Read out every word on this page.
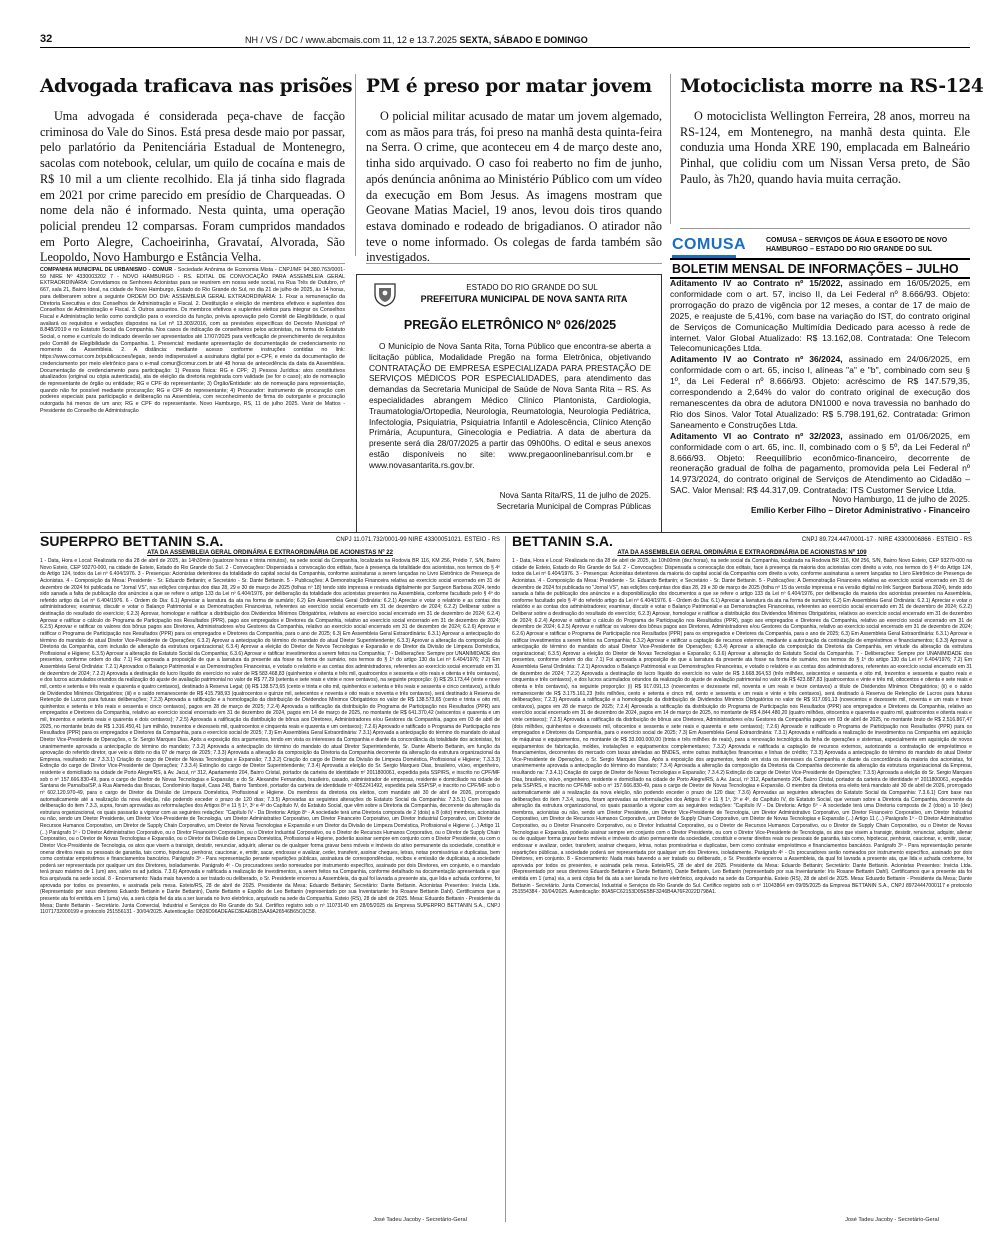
32	NH / VS / DC / www.abcmais.com 11, 12 e 13.7.2025 SEXTA, SÁBADO E DOMINGO
Advogada traficava nas prisões

Uma advogada é considerada peça-chave de facção criminosa do Vale do Sinos. Está presa desde maio por passar, pelo parlatório da Penitenciária Estadual de Montenegro, sacolas com notebook, celular, um quilo de cocaína e mais de R$ 10 mil a um cliente recolhido. Ela já tinha sido flagrada em 2021 por crime parecido em presídio de Charqueadas. O nome dela não é informado. Nesta quinta, uma operação policial prendeu 12 comparsas. Foram cumpridos mandados em Porto Alegre, Cachoeirinha, Gravataí, Alvorada, São Leopoldo, Novo Hamburgo e Estância Velha.

PM é preso por matar jovem

O policial militar acusado de matar um jovem algemado, com as mãos para trás, foi preso na manhã desta quinta-feira na Serra. O crime, que aconteceu em 4 de março deste ano, tinha sido arquivado. O caso foi reaberto no fim de junho, após denúncia anônima ao Ministério Público com um vídeo da execução em Bom Jesus. As imagens mostram que Geovane Matias Maciel, 19 anos, levou dois tiros quando estava dominado e rodeado de brigadianos. O atirador não teve o nome informado. Os colegas de farda também são investigados.

Motociclista morre na RS-124

O motociclista Wellington Ferreira, 28 anos, morreu na RS-124, em Montenegro, na manhã desta quinta. Ele conduzia uma Honda XRE 190, emplacada em Balneário Pinhal, que colidiu com um Nissan Versa preto, de São Paulo, às 7h20, quando havia muita cerração.

COMPANHIA MUNICIPAL DE URBANISMO - COMUR - Sociedade Anônima de Economia Mista - CNPJ/MF 94.380.763/0001-59 NIRE Nº 4330003202 7 - NOVO HAMBURGO - RS. EDITAL DE CONVOCAÇÃO PARA ASSEMBLEIA GERAL EXTRAORDINÁRIA: Convidamos os Senhores Acionistas para se reunirem em nossa sede social, na Rua Três de Outubro, nº 667, sala 21, Bairro Ideal, na cidade de Novo Hamburgo, Estado do Rio Grande do Sul, no dia 21 de julho de 2025, às 14 horas, para deliberarem sobre a seguinte ORDEM DO DIA: ASSEMBLEIA GERAL EXTRAORDINÁRIA: 1. Fixar a remuneração da Diretoria Executiva e dos Conselhos de Administração e Fiscal. 2. Destituição e eleição de membros efetivos e suplentes dos Conselhos de Administração e Fiscal. 3. Outros assuntos. Os membros efetivos e suplentes eleitos para integrar os Conselhos Fiscal e Administração terão como condição para o exercício da função, prévia aprovação pelo Comitê de Elegibilidade, o qual avaliará os requisitos e vedações dispostos na Lei nº 13.303/2016, com as previsões específicas do Decreto Municipal nº 8.848/2019 e no Estatuto Social da Companhia. Nos casos de indicação de conselheiros pelos acionistas, na forma do Estatuto Social, o nome e currículo do indicado deverão ser apresentados até 17/07/2025 para verificação de preenchimento de requisitos pelo Comitê de Elegibilidade da Companhia. 1. Presencial: mediante apresentação de documentação de credenciamento no momento da Assembleia. 2. A distância: mediante acesso conforme instruções contidas no link: https://www.comur.com.br/publicacoes/legais, sendo indispensável a assinatura digital por e-CPF, e envio da documentação de credenciamento por meio eletrônico para o e-mail comur@comur.com.br até 48 horas de antecedência da data da Assembleia. Documentação de credenciamento para participação: 1) Pessoa física: RG e CPF; 2) Pessoa Jurídica: atos constitutivos atualizados (original ou cópia autenticada), ata de eleição da diretoria registrada com validade (se for o caso); ato de nomeação de representante de órgão ou entidade; RG e CPF do representante; 3) Órgão/Entidade: ato de nomeação para representação, quando não for possível mediante procuração; RG e CPF do representante; 4) Procurador: instrumento de procuração com poderes especiais para participação e deliberação na Assembleia, com reconhecimento de firma do outorgante e procuração outorgada há menos de um ano; RG e CPF do representante. Novo Hamburgo, RS, 11 de julho 2025. Vanir de Mattos - Presidente do Conselho de Administração
ESTADO DO RIO GRANDE DO SUL
PREFEITURA MUNICIPAL DE NOVA SANTA RITA
PREGÃO ELETRÔNICO Nº 026/2025
O Município de Nova Santa Rita, Torna Público que encontra-se aberta a licitação pública, Modalidade Pregão na forma Eletrônica, objetivando CONTRATAÇÃO DE EMPRESA ESPECIALIZADA PARA PRESTAÇÃO DE SERVIÇOS MÉDICOS POR ESPECIALIDADES, para atendimento das demandas da Secretaria Municipal de Saúde de Nova Santa Rita – RS. As especialidades abrangem Médico Clínico Plantonista, Cardiologia, Traumatologia/Ortopedia, Neurologia, Reumatologia, Neurologia Pediátrica, Infectologia, Psiquiatria, Psiquiatria Infantil e Adolescência, Clínico Atenção Primária, Acupuntura, Ginecologia e Pediatria. A data de abertura da presente será dia 28/07/2025 a partir das 09h00hs. O edital e seus anexos estão disponíveis no site: www.pregaoonlinebanrisul.com.br e www.novasantarita.rs.gov.br.
Nova Santa Rita/RS, 11 de julho de 2025.
Secretaria Municipal de Compras Públicas
COMUSA	COMUSA – SERVIÇOS DE ÁGUA E ESGOTO DE NOVO HAMBURGO – ESTADO DO RIO GRANDE DO SUL
BOLETIM MENSAL DE INFORMAÇÕES – JULHO
Aditamento IV ao Contrato nº 15/2022, assinado em 16/05/2025, em conformidade com o art. 57, inciso II, da Lei Federal nº 8.666/93. Objeto: prorrogação do prazo de vigência por 12 meses, a contar de 17 de maio de 2025, e reajuste de 5,41%, com base na variação do IST, do contrato original de Serviços de Comunicação Multimídia Dedicado para acesso à rede de internet. Valor Global Atualizado: R$ 13.162,08. Contratada: One Telecom Telecomunicações Ltda.
Aditamento IV ao Contrato nº 36/2024, assinado em 24/06/2025, em conformidade com o art. 65, inciso I, alíneas "a" e "b", combinado com seu § 1º, da Lei Federal nº 8.666/93. Objeto: acréscimo de R$ 147.579,35, correspondendo a 2,64% do valor do contrato original de execução dos remanescentes da obra de adutora DN1000 e nova travessia no banhado do Rio dos Sinos. Valor Total Atualizado: R$ 5.798.191,62. Contratada: Grimon Saneamento e Construções Ltda.
Aditamento VI ao Contrato nº 32/2023, assinado em 01/06/2025, em conformidade com o art. 65, inc. II, combinado com o § 5º, da Lei Federal nº 8.666/93. Objeto: Reequilíbrio econômico-financeiro, decorrente de reoneração gradual de folha de pagamento, promovida pela Lei Federal nº 14.973/2024, do contrato original de Serviços de Atendimento ao Cidadão – SAC. Valor Mensal: R$ 44.317,09. Contratada: ITS Customer Service Ltda.
Novo Hamburgo, 11 de julho de 2025.
Emílio Kerber Filho – Diretor Administrativo - Financeiro
SUPERPRO BETTANIN S.A.	CNPJ 11.071.732/0001-99 NIRE 43300051021. ESTEIO - RS
ATA DA ASSEMBLEIA GERAL ORDINÁRIA E EXTRAORDINÁRIA DE ACIONISTAS Nº 22
1 - Data, Hora e Local: Realizada no dia 28 de abril de 2025, às 14h30min (quatorze horas e trinta minutos), na sede social da Companhia, localizada na Rodovia BR 116, KM 256, Prédio 7, S/N, Bairro Novo Esteio, CEP 93270-000, na cidade de Esteio, Estado do Rio Grande do Sul. 2 - Convocações: Dispensada a convocação dos editais, face à presença da totalidade dos acionistas, nos termos do § 4º do Artigo 124, todos da Lei nº 6.404/1976. 3 - Presenças: Acionistas detentores da totalidade do capital social da Companhia, conforme assinaturas a serem lançadas no Livro Eletrônico de Presença de Acionistas. 4 - Composição da Mesa: Presidente - Sr. Eduardo Bettanin; e Secretário - Sr. Dante Bettanin. 5 - Publicações: A Demonstração Financeira relativa ao exercício social encerrado em 31 de dezembro de 2024 foi publicada no "Jornal VS", nas edições conjuntas dos dias 28, 29 e 30 de março de 2025 (folhas nº 18) tendo sido impressa e revisada digitalmente por Surgeon Barbosa 2024, tendo sido sanada a falta de publicação dos anúncios a que se refere o artigo 133 da Lei nº 6.404/1976, por deliberação da totalidade dos acionistas presentes na Assembleia, conforme facultado pelo § 4º do referido artigo da Lei nº 6.404/1976. 6 - Ordem do Dia: 6.1) Apreciar a lavratura da ata na forma de sumário; 6.2) Em Assembleia Geral Ordinária: 6.2.1) Apreciar e votar o relatório e as contas dos administradores; examinar, discutir e votar o Balanço Patrimonial e as Demonstrações Financeiras, referentes ao exercício social encerrado em 31 de dezembro de 2024; 6.2.2) Deliberar sobre a destinação do resultado do exercício; 6.2.3) Aprovar, homologar e ratificar a distribuição dos Dividendos Mínimos Obrigatórios, relativos ao exercício social encerrado em 31 de dezembro de 2024; 6.2.4) Aprovar e ratificar o cálculo do Programa de Participação nos Resultados (PPR), pago aos empregados e Diretores da Companhia, relativo ao exercício social encerrado em 31 de dezembro de 2024; 6.2.5) Aprovar e ratificar os valores dos bônus pagos aos Diretores, Administradores e/ou Gestores da Companhia, relativo ao exercício social encerrado em 31 de dezembro de 2024; 6.2.6) Aprovar e ratificar o Programa de Participação nos Resultados (PPR) para os empregados e Diretores da Companhia, para o ano de 2025; 6.3) Em Assembleia Geral Extraordinária: 6.3.1) Aprovar a antecipação do término do mandato do atual Diretor Vice-Presidente de Operações; 6.3.2) Aprovar a antecipação do término do mandato do atual Diretor Superintendente; 6.3.3) Aprovar a alteração da composição da Diretoria da Companhia, com inclusão de alteração da estrutura organizacional; 6.3.4) Aprovar a eleição do Diretor de Novos Tecnologias e Expansão e do Diretor da Divisão de Limpeza Doméstica, Profissional e Higiene; 6.3.5) Aprovar a alteração do Estatuto Social da Companhia; 6.3.6) Aprovar e ratificar investimentos a serem feitos na Companhia; 7 - Deliberações: Sempre por UNANIMIDADE dos presentes, conforme ordem do dia: 7.1) Foi aprovada a proposição de que a lavratura da presente ata fosse na forma de sumário, nos termos do § 1º do artigo 130 da Lei nº 6.404/1976; 7.2) Em Assembleia Geral Ordinária: 7.2.1) Aprovados o Balanço Patrimonial e as Demonstrações Financeiras, e votado o relatório e as contas dos administradores, referentes ao exercício social encerrado em 31 de dezembro de 2024; 7.2.2) Aprovada a destinação do lucro líquido do exercício no valor de R$ 583.468,83 (quinhentos e oitenta e três mil, quatrocentos e sessenta e oito reais e oitenta e três centavos), e dos lucros acumulados oriundos da realização do ajuste de avaliação patrimonial no valor de R$ 77,29 (setenta e sete reais e vinte e nove centavos), na seguinte proporção: (i) R$ 29.173,44 (vinte e nove mil, cento e setenta e três reais e quarenta e quatro centavos), destinado à Reserva Legal; (ii) R$ 138.573,65 (cento e trinta e oito mil, quinhentos e setenta e três reais e sessenta e cinco centavos), a título de Dividendos Mínimos Obrigatórios; (iii) e o saldo remanescente de R$ 415.798,93 (quatrocentos e quinze mil, setecentos e noventa e oito reais e noventa e três centavos), será destinado à Reserva de Retenção de Lucros para futuras deliberações; 7.2.3) Aprovada a ratificação e a homologação da distribuição de Dividendos Mínimos Obrigatórios no valor de R$ 138.573,65 (cento e trinta e oito mil, quinhentos e setenta e três reais e sessenta e cinco centavos), pagos em 28 de março de 2025; 7.2.4) Aprovada a ratificação da distribuição do Programa de Participação nos Resultados (PPR) aos empregados e Diretores da Companhia, relativo ao exercício social encerrado em 31 de dezembro de 2024, pagos em 14 de março de 2025, no montante de R$ 641.370,42 (seiscentos e quarenta e um mil, trezentos e setenta reais e quarenta e dois centavos); 7.2.5) Aprovada a ratificação da distribuição de bônus aos Diretores, Administradores e/ou Gestores da Companhia, pagos em 03 de abril de 2025, no montante bruto de R$ 1.316.450,41 (um milhão, trezentos e dezesseis mil, quatrocentos e cinquenta reais e quarenta e um centavos); 7.2.6) Aprovado e ratificado o Programa de Participação nos Resultados (PPR) para os empregados e Diretores da Companhia, para o exercício social de 2025; 7.3) Em Assembleia Geral Extraordinária: 7.3.1) Aprovada a antecipação do término do mandato do atual Diretor Vice-Presidente de Operações, o Sr. Sergio Marques Dias. Após a exposição dos argumentos, tendo em vista os interesses da Companhia e diante da concordância da totalidade dos acionistas, foi unanimemente aprovada a antecipação do término do mandato; 7.3.2) Aprovada a antecipação do término do mandato do atual Diretor Superintendente, Sr. Dante Alberto Bettanin, em função da aprovação do referido diretor, que veio a óbito no dia 07 de março de 2025; 7.3.3) Aprovada a alteração da composição da Diretoria da Companhia decorrente da alteração da estrutura organizacional da Empresa, resultando na: 7.3.3.1) Criação do cargo de Diretor de Novas Tecnologias e Expansão; 7.3.3.2) Criação do cargo de Diretor da Divisão de Limpeza Doméstica, Profissional e Higiene; 7.3.3.3) Extinção do cargo de Diretor Vice-Presidente de Operações; 7.3.3.4) Extinção do cargo de Diretor Superintendente; 7.3.4) Aprovada a eleição do Sr. Sergio Marques Dias, brasileiro, viúvo, engenheiro, residente e domiciliado na cidade de Porto Alegre/RS, à Av. Jacuí, nº 312, Apartamento 204, Bairro Cristal, portador da carteira de identidade nº 2011800061, expedida pela SSP/RS, e inscrito no CPF/MF sob o nº 157.666.830-49, para o cargo de Diretor de Novas Tecnologias e Expansão; e do Sr. Alexandre Fernandes, brasileiro, casado, administrador de empresas, residente e domiciliado na cidade de Santana de Parnaíba/SP, à Rua Alameda das Bracas, Condomínio Itaquê, Casa 248, Bairro Tamboré, portador da carteira de identidade nº 4052241492, expedida pela SSP/SP, e inscrito no CPF/MF sob o nº 602.120.970-49, para o cargo de Diretor da Divisão de Limpeza Doméstica, Profissional e Higiene. Os membros da diretoria ora eleitos, com mandato até 30 de abril de 2026, prorrogado automaticamente até a realização da nova eleição, não podendo exceder o prazo de 120 dias; 7.3.5) Aprovadas as seguintes alterações do Estatuto Social da Companhia: 7.3.5.1) Com base na deliberação do item 7.3.3, supra, foram aprovadas as reformulações dos Artigos 8º e 11 § 1º, 3º e 4º do Capítulo IV, do Estatuto Social, que vêm sobre a Diretoria da Companhia, decorrente da alteração da estrutura organizacional, os quais passarão a vigorar com as seguintes redações: "Capítulo IV - Da Diretoria: Artigo 8º - A sociedade terá uma Diretoria composta de 2 (dois) a 8 (oito) membros, acionistas ou não, sendo um Diretor Presidente, um Diretor Vice-Presidente de Tecnologia, um Diretor Administrativo Corporativo, um Diretor Financeiro Corporativo, um Diretor Industrial Corporativo, um Diretor de Recursos Humanos Corporativo, um Diretor de Supply Chain Corporativo, um Diretor de Novas Tecnologias e Expansão e um Diretor da Divisão de Limpeza Doméstica, Profissional e Higiene (...) Artigo 11 (...) Parágrafo 1º - O Diretor Administrativo Corporativo, ou o Diretor Financeiro Corporativo, ou o Diretor Industrial Corporativo, ou o Diretor de Recursos Humanos Corporativo, ou o Diretor de Supply Chain Corporativo, ou o Diretor de Novas Tecnologias e Expansão, ou o Diretor da Divisão de Limpeza Doméstica, Profissional e Higiene, poderão assinar sempre em conjunto com o Diretor Presidente, ou com o Diretor Vice-Presidente de Tecnologia, os atos que visem a transigir, desistir, renunciar, adquirir, alienar ou de qualquer forma gravar bens móveis e imóveis do ativo permanente da sociedade, constituir e onerar direitos reais ou pessoais de garantia, tais como, hipotecar, penhorar, caucionar, e, emitir, sacar, endossar e avalizar, ceder, transferir, assinar cheques, letras, notas promissórias e duplicatas, bem como contratar empréstimos e financiamentos bancários. Parágrafo 3º - Para representação perante repartições públicas, assinatura de correspondências, recibos e emissão de duplicatas, a sociedade poderá ser representada por qualquer um dos Diretores, isoladamente. Parágrafo 4º - Os procuradores serão nomeados por instrumento específico, assinado por dois Diretores, em conjunto, e o mandato terá prazo máximo de 1 (um) ano, salvo os ad judicia. 7.3.6) Aprovada e ratificada a realização de investimentos, a serem feitos na Companhia, conforme detalhado na documentação apresentada e que fica arquivada na sede social. 8 - Encerramento: Nada mais havendo a ser tratado ou deliberado, o Sr. Presidente encerrou a Assembleia, da qual foi lavrada a presente ata, que lida e achada conforme, foi aprovada por todos os presentes, e assinada pela mesa. Esteio/RS, 28 de abril de 2025. Presidente da Mesa: Eduardo Bettanin; Secretário: Dante Bettanin. Acionistas Presentes: Invicta Ltda. (Representado por seus diretores Eduardo Bettanin e Dante Bettanin), Dante Bettanin e Espólio de Leo Bettanin (representado por sua Inventariante: Iris Rosane Bettanin Dahl). Certificamos que a presente ata foi emitida em 1 (uma) via, a será cópia fiel da ata a ser lavrada no livro eletrônico, arquivado na sede da Companhia. Esteio (RS), 28 de abril de 2025. Mesa: Eduardo Bettanin - Presidente da Mesa; Dante Bettanin - Secretário. Junta Comercial, Industrial e Serviços do Rio Grande do Sul. Certifico registro sob o nº 11073140 em 28/05/2025 da Empresa SUPERPRO BETTANIN S.A., CNPJ 11071732000199 e protocolo 251556131 - 30/04/2025. Autenticação: D826D96ADEAEC8EAE6B15AA9A26546B65C0C58.
José Tadeu Jacoby - Secretário-Geral
BETTANIN S.A.	CNPJ 89.724.447/0001-17 · NIRE 43300006866 · ESTEIO - RS
ATA DA ASSEMBLEIA GERAL ORDINÁRIA E EXTRAORDINÁRIA DE ACIONISTAS Nº 109
1 - Data, Hora e Local: Realizada no dia 28 de abril de 2025, às 10h00min (dez horas), na sede social da Companhia, localizada na Rodovia BR 116, KM 256, S/N, Bairro Novo Esteio, CEP 93270-000 na cidade de Esteio, Estado do Rio Grande do Sul. 2 - Convocações: Dispensada a convocação dos editais, face à presença da maioria dos acionistas com direito a voto, nos termos do § 4º do Artigo 124, todos da Lei nº 6.404/1976. 3 - Presenças: Acionistas detentores da maioria do capital social da Companhia com direito a voto, conforme assinaturas a serem lançadas no Livro Eletrônico de Presença de Acionistas. 4 - Composição da Mesa: Presidente - Sr. Eduardo Bettanin; e Secretário - Sr. Dante Bettanin. 5 - Publicações: A Demonstração Financeira relativa ao exercício social encerrado em 31 de dezembro de 2024 foi publicada no "Jornal VS", nas edições conjuntas dos dias 28, 29 e 30 de março de 2025 (folha nº 15 da versão impressa e na versão digital no link Surgeon Barbosa 2024), tendo sido sanada a falta de publicação dos anúncios e a disponibilização dos documentos a que se refere o artigo 133 da Lei nº 6.404/1976, por deliberação da maioria dos acionistas presentes na Assembleia, conforme facultado pelo § 4º do referido artigo da Lei nº 6.404/1976. 6 - Ordem do Dia: 6.1) Apreciar a lavratura da ata na forma de sumário; 6.2) Em Assembleia Geral Ordinária: 6.2.1) Apreciar e votar o relatório e as contas dos administradores; examinar, discutir e votar o Balanço Patrimonial e as Demonstrações Financeiras, referentes ao exercício social encerrado em 31 de dezembro de 2024; 6.2.2) Deliberar sobre a destinação do resultado do exercício; 6.2.3) Aprovar, homologar e ratificar a distribuição dos Dividendos Mínimos Obrigatórios, relativos ao exercício social encerrado em 31 de dezembro de 2024; 6.2.4) Aprovar e ratificar o cálculo do Programa de Participação nos Resultados (PPR), pago aos empregados e Diretores da Companhia, relativo ao exercício social encerrado em 31 de dezembro de 2024; 6.2.5) Aprovar e ratificar os valores dos bônus pagos aos Diretores, Administradores e/ou Gestores da Companhia, relativo ao exercício social encerrado em 31 de dezembro de 2024; 6.2.6) Aprovar e ratificar o Programa de Participação nos Resultados (PPR) para os empregados e Diretores da Companhia, para o ano de 2025; 6.3) Em Assembleia Geral Extraordinária: 6.3.1) Aprovar e ratificar investimentos a serem feitos na Companhia; 6.3.2) Aprovar e ratificar a captação de recursos externos, mediante a autorização da contratação de empréstimos e financiamentos; 6.3.3) Aprovar a antecipação do término do mandato do atual Diretor Vice-Presidente de Operações; 6.3.4) Aprovar a alteração da composição da Diretoria da Companhia, em virtude da alteração da estrutura organizacional; 6.3.5) Aprovar a eleição do Diretor de Novas Tecnologias e Expansão; 6.3.6) Aprovar a alteração do Estatuto Social da Companhia. 7 - Deliberações: Sempre por UNANIMIDADE dos presentes, conforme ordem do dia: 7.1) Foi aprovada a proposição de que a lavratura da presente ata fosse na forma de sumário, nos termos do § 1º do artigo 130 da Lei nº 6.404/1976; 7.2) Em Assembleia Geral Ordinária: 7.2.1) Aprovados o Balanço Patrimonial e as Demonstrações Financeiras, e votado o relatório e as contas dos administradores, referentes ao exercício social encerrado em 31 de dezembro de 2024; 7.2.2) Aprovada a destinação do lucro líquido do exercício no valor de R$ 3.668.364,53 (três milhões, seiscentos e sessenta e oito mil, trezentos e sessenta e quatro reais e cinquenta e três centavos), e dos lucros acumulados oriundos da realização do ajuste de avaliação patrimonial no valor de R$ 423.887,83 (quatrocentos e vinte e três mil, oitocentos e oitenta e sete reais e oitenta e três centavos), na seguinte proporção: (i) R$ 917.091,13 (novecentos e dezessete mil, noventa e um reais e treze centavos) a título de Dividendos Mínimos Obrigatórios; (ii) e o saldo remanescente de R$ 3.175.161,23 (três milhões, cento e setenta e cinco mil, cento e sessenta e um reais e vinte e três centavos), será destinado à Reserva de Retenção de Lucros para futuras deliberações; 7.2.3) Aprovada a ratificação e a homologação da distribuição de Dividendos Mínimos Obrigatórios no valor de R$ 917.091,13 (novecentos e dezessete mil, noventa e um reais e treze centavos), pagos em 28 de março de 2025; 7.2.4) Aprovada a ratificação da distribuição do Programa de Participação nos Resultados (PPR) aos empregados e Diretores da Companhia, relativo ao exercício social encerrado em 31 de dezembro de 2024, pagos em 14 de março de 2025, no montante de R$ 4.844.480,20 (quatro milhões, oitocentos e quarenta e quatro mil, quatrocentos e oitenta reais e vinte centavos); 7.2.5) Aprovada a ratificação da distribuição de bônus aos Diretores, Administradores e/ou Gestores da Companhia pagos em 03 de abril de 2025, no montante bruto de R$ 2.516.867,47 (dois milhões, quinhentos e dezesseis mil, oitocentos e sessenta e sete reais e quarenta e sete centavos); 7.2.6) Aprovado e ratificado o Programa de Participação nos Resultados (PPR) para os empregados e Diretores da Companhia, para o exercício social de 2025; 7.3) Em Assembleia Geral Extraordinária: 7.3.1) Aprovada e ratificada a realização de investimentos na Companhia em aquisição de máquinas e equipamentos, no montante de R$ 33.000.000,00 (trinta e três milhões de reais), para a renovação tecnológica da linha de operações e sistemas, especialmente em aquisição de novos equipamentos de fabricação, moldes, instalações e equipamentos complementares; 7.3.2) Aprovada e ratificada a captação de recursos externos, autorizando a contratação de empréstimos e financiamentos, decorrentes do mercado com taxas atreladas ao BNDES, entre outras instituições financeiras e linhas de crédito; 7.3.3) Aprovada a antecipação do término do mandato do atual Diretor Vice-Presidente de Operações, o Sr. Sergio Marques Dias. Após a exposição dos argumentos, tendo em vista os interesses da Companhia e diante da concordância da maioria dos acionistas, foi unanimemente aprovada a antecipação do término do mandato; 7.3.4) Aprovada a alteração da composição da Diretoria da Companhia decorrente da alteração da estrutura organizacional da Empresa, resultando na: 7.3.4.1) Criação do cargo de Diretor de Novas Tecnologias e Expansão; 7.3.4.2) Extinção do cargo de Diretor Vice-Presidente de Operações; 7.3.5) Aprovada a eleição do Sr. Sergio Marques Dias, brasileiro, viúvo, engenheiro, residente e domiciliado na cidade de Porto Alegre/RS, à Av. Jacuí, nº 312, Apartamento 204, Bairro Cristal, portador da carteira de identidade nº 2011800061, expedida pela SSP/RS, e inscrito no CPF/MF sob o nº 157.666.830-49, para o cargo de Diretor de Novas Tecnologias e Expansão. O membro da diretoria ora eleito terá mandato até 30 de abril de 2026, prorrogado automaticamente até a realização da nova eleição, não podendo exceder o prazo de 120 dias; 7.3.6) Aprovadas as seguintes alterações do Estatuto Social da Companhia: 7.3.6.1) Com base nas deliberações do item 7.3.4, supra, foram aprovadas as reformulações dos Artigos 6º e 11 § 1º, 3º e 4º, do Capítulo IV, do Estatuto Social, que versam sobre a Diretoria da Companhia, decorrente da alteração da estrutura organizacional, os quais passarão a vigorar com as seguintes redações: "Capítulo IV - Da Diretoria: Artigo 6º - A sociedade terá uma Diretoria composta de 2 (dois) a 10 (dez) membros, acionistas ou não, sendo um Diretor Presidente, um Diretor Vice-Presidente de Tecnologia, um Diretor Administrativo Corporativo, um Diretor Financeiro Corporativo, um Diretor Industrial Corporativo, um Diretor de Recursos Humanos Corporativo, um Diretor de Supply Chain Corporativo, um Diretor de Novas Tecnologias e Expansão (...) Artigo 11 (...) Parágrafo 1º - O Diretor Administrativo Corporativo, ou o Diretor Financeiro Corporativo, ou o Diretor Industrial Corporativo, ou o Diretor de Recursos Humanos Corporativo, ou o Diretor de Supply Chain Corporativo, ou o Diretor de Novas Tecnologias e Expansão, poderão assinar sempre em conjunto com o Diretor Presidente, ou com o Diretor Vice-Presidente de Tecnologia, os atos que visem a transigir, desistir, renunciar, adquirir, alienar ou de qualquer forma gravar bens móveis e imóveis do ativo permanente da sociedade, constituir e onerar direitos reais ou pessoais de garantia, tais como, hipotecar, penhorar, caucionar, e, emitir, sacar, endossar e avalizar, ceder, transferir, assinar cheques, letras, notas promissórias e duplicatas, bem como contratar empréstimos e financiamentos bancários. Parágrafo 3º - Para representação perante repartições públicas, a sociedade poderá ser representada por qualquer um dos Diretores, isoladamente. Parágrafo 4º - Os procuradores serão nomeados por instrumento específico, assinado por dois Diretores, em conjunto. 8 - Encerramento: Nada mais havendo a ser tratado ou deliberado, o Sr. Presidente encerrou a Assembleia, da qual foi lavrada a presente ata, que lida e achada conforme, foi aprovada por todos os presentes, e assinada pela mesa. Esteio/RS, 28 de abril de 2025. Presidente da Mesa: Eduardo Bettanin; Secretário: Dante Bettanin. Acionistas Presentes: Invicta Ltda. (Representado por seus diretores Eduardo Bettanin e Dante Bettanin), Dante Bettanin, Leo Bettanin (representado por sua Inventariante: Iris Rosane Bettanin Dahl). Certificamos que a presente ata foi emitida em 1 (uma) via, a será cópia fiel da ata a ser lavrada no livro eletrônico, arquivado na sede da Companhia. Esteio (RS), 28 de abril de 2025. Mesa: Eduardo Bettanin - Presidente da Mesa; Dante Bettanin - Secretário. Junta Comercial, Industrial e Serviços do Rio Grande do Sul. Certifico registro sob o nº 11043864 em 09/05/2025 da Empresa BETTANIN S.A., CNPJ 89724447000117 e protocolo 251554384 - 30/04/2025. Autenticação: 80A5FC62153D05E5BF3246B4A76F2022D798A1.
José Tadeu Jacoby - Secretário-Geral
